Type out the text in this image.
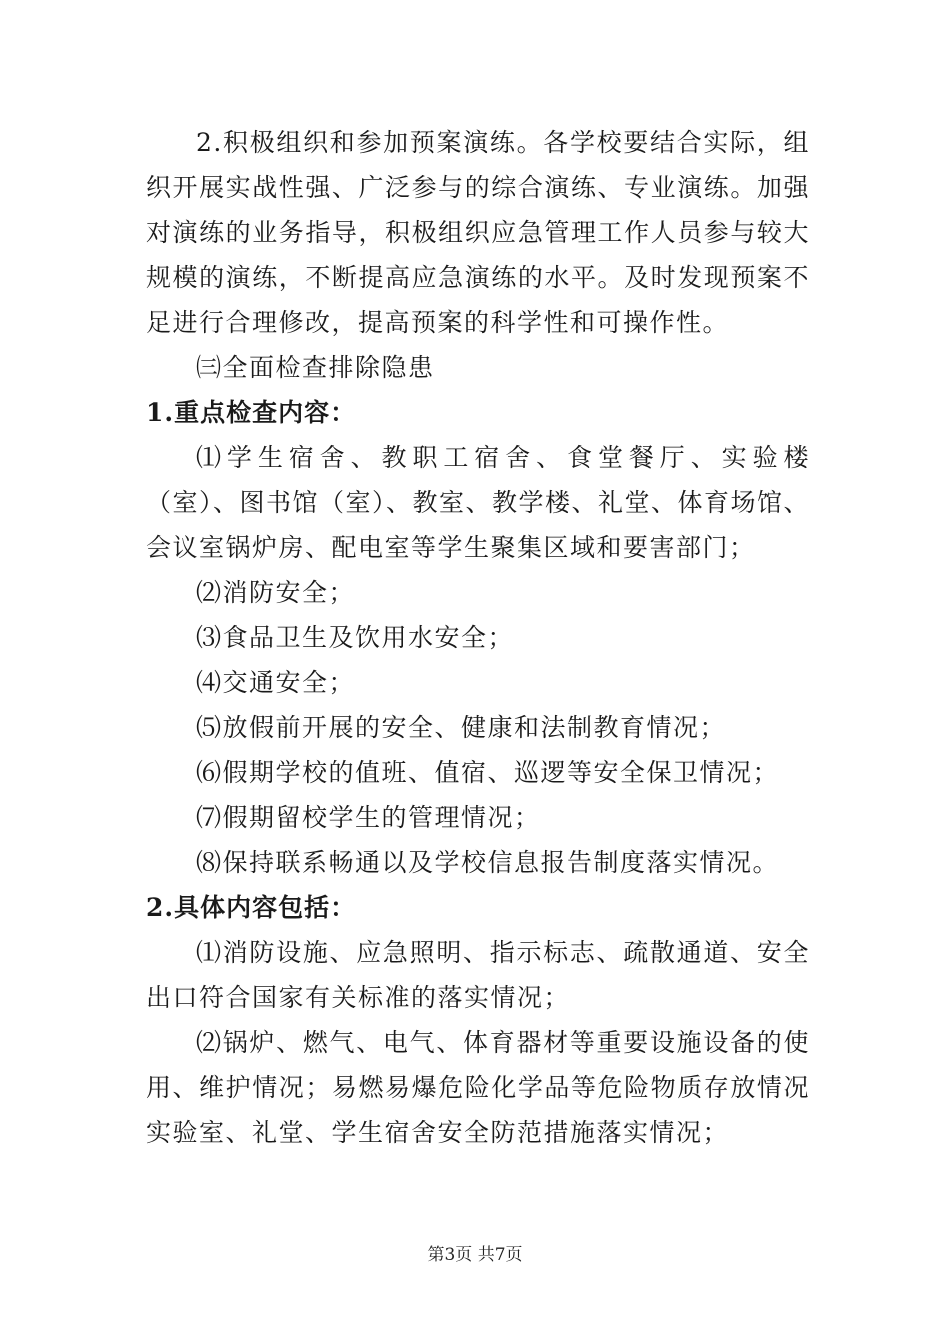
2.积极组织和参加预案演练。各学校要结合实际，组织开展实战性强、广泛参与的综合演练、专业演练。加强对演练的业务指导，积极组织应急管理工作人员参与较大规模的演练，不断提高应急演练的水平。及时发现预案不足进行合理修改，提高预案的科学性和可操作性。

㈢全面检查排除隐患

1.重点检查内容：

⑴学生宿舍、教职工宿舍、食堂餐厅、实验楼（室）、图书馆（室）、教室、教学楼、礼堂、体育场馆、会议室锅炉房、配电室等学生聚集区域和要害部门；

⑵消防安全；

⑶食品卫生及饮用水安全；

⑷交通安全；

⑸放假前开展的安全、健康和法制教育情况；

⑹假期学校的值班、值宿、巡逻等安全保卫情况；

⑺假期留校学生的管理情况；

⑻保持联系畅通以及学校信息报告制度落实情况。

2.具体内容包括：

⑴消防设施、应急照明、指示标志、疏散通道、安全出口符合国家有关标准的落实情况；

⑵锅炉、燃气、电气、体育器材等重要设施设备的使用、维护情况；易燃易爆危险化学品等危险物质存放情况实验室、礼堂、学生宿舍安全防范措施落实情况；

第3页 共7页
